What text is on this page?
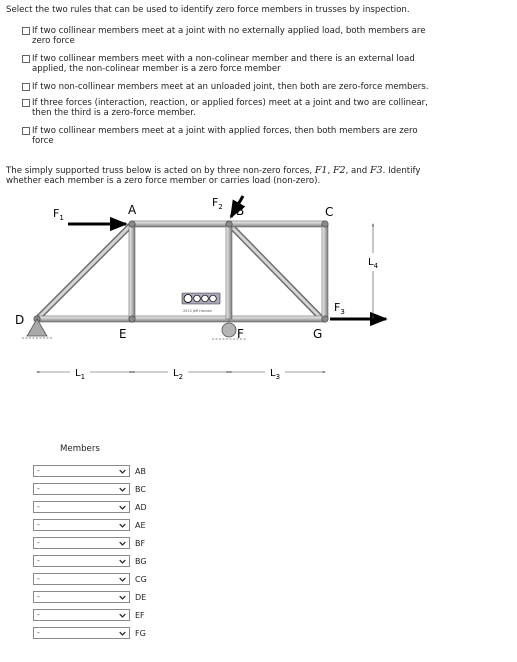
Select the two rules that can be used to identify zero force members in trusses by inspection.
If two collinear members meet at a joint with no externally applied load, both members are zero force
If two collinear members meet with a non-colinear member and there is an external load applied, the non-colinear member is a zero force member
If two non-collinear members meet at an unloaded joint, then both are zero-force members.
If three forces (interaction, reaction, or applied forces) meet at a joint and two are collinear, then the third is a zero-force member.
If two collinear members meet at a joint with applied forces, then both members are zero force
The simply supported truss below is acted on by three non-zero forces, F1, F2, and F3. Identify whether each member is a zero force member or carries load (non-zero).
$F_1$
$F_2$
$F_3$
A	B	C
D
E	F	G
2013 Jeff Hanson
$L_1$	$L_2$	$L_3$
$L_4$
Members
-	AB
-	BC
-	AD
-	AE
-	BF
-	BG
-	CG
-	DE
-	EF
-	FG
